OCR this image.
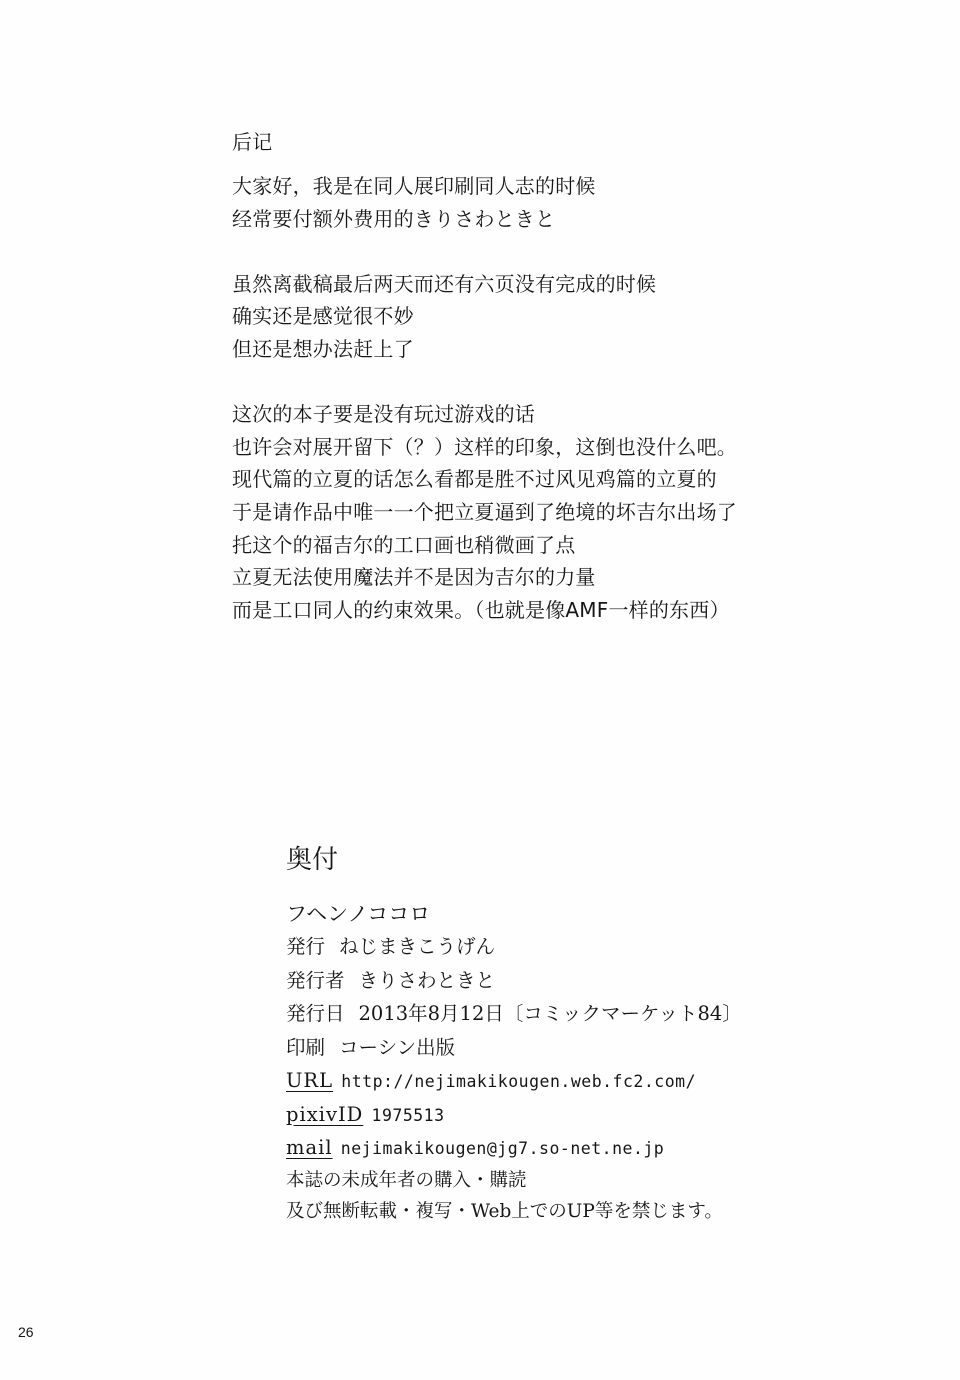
后记
大家好，我是在同人展印刷同人志的时候
经常要付额外费用的きりさわときと
虽然离截稿最后两天而还有六页没有完成的时候
确实还是感觉很不妙
但还是想办法赶上了
这次的本子要是没有玩过游戏的话
也许会对展开留下（？）这样的印象，这倒也没什么吧。
现代篇的立夏的话怎么看都是胜不过风见鸡篇的立夏的
于是请作品中唯一一个把立夏逼到了绝境的坏吉尔出场了
托这个的福吉尔的工口画也稍微画了点
立夏无法使用魔法并不是因为吉尔的力量
而是工口同人的约束效果。（也就是像AMF一样的东西）
奥付
フヘンノココロ
発行 ねじまきこうげん
発行者 きりさわときと
発行日 2013年8月12日〔コミックマーケット84〕
印刷 コーシン出版
URL http://nejimakikougen.web.fc2.com/
pixivID 1975513
mail nejimakikougen@jg7.so-net.ne.jp
本誌の未成年者の購入・購読
及び無断転載・複写・Web上でのUP等を禁じます。
26
